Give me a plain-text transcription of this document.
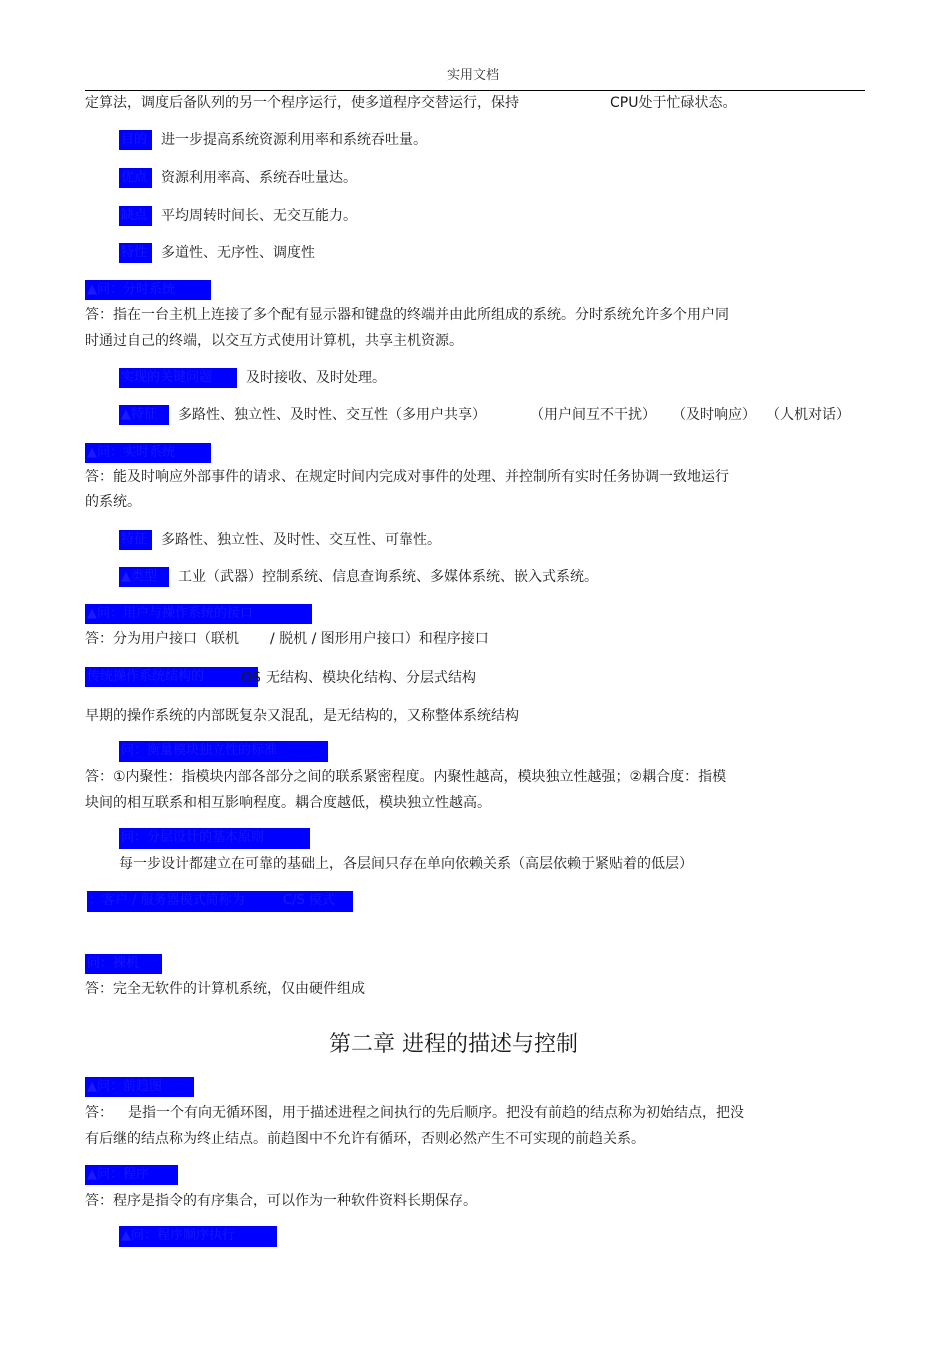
实用文档
定算法，调度后备队列的另一个程序运行，使多道程序交替运行，保持	CPU处于忙碌状态。
目的 进一步提高系统资源利用率和系统吞吐量。
优点 资源利用率高、系统吞吐量达。
缺点 平均周转时间长、无交互能力。
特性 多道性、无序性、调度性
▲问：分时系统
答：指在一台主机上连接了多个配有显示器和键盘的终端并由此所组成的系统。分时系统允许多个用户同
时通过自己的终端，以交互方式使用计算机，共享主机资源。
实现的关键问题	及时接收、及时处理。
▲特征	多路性、独立性、及时性、交互性（多用户共享）	（用户间互不干扰） （及时响应） （人机对话）
▲问：实时系统
答：能及时响应外部事件的请求、在规定时间内完成对事件的处理、并控制所有实时任务协调一致地运行
的系统。
特征 多路性、独立性、及时性、交互性、可靠性。
▲类型	工业（武器）控制系统、信息查询系统、多媒体系统、嵌入式系统。
▲问：用户与操作系统的接口
答：分为用户接口（联机 / 脱机 / 图形用户接口）和程序接口
传统操作系统结构的	OS 无结构、模块化结构、分层式结构
早期的操作系统的内部既复杂又混乱，是无结构的，又称整体系统结构
问：衡量模块独立性的标准
答：①内聚性：指模块内部各部分之间的联系紧密程度。内聚性越高，模块独立性越强；②耦合度：指模
块间的相互联系和相互影响程度。耦合度越低，模块独立性越高。
问：分层设计的基本原则
每一步设计都建立在可靠的基础上，各层间只存在单向依赖关系（高层依赖于紧贴着的低层）
：客户 / 服务器模式简称为	C/S 模式
问：裸机
答：完全无软件的计算机系统，仅由硬件组成
第二章 进程的描述与控制
▲问：前趋图
答： 是指一个有向无循环图，用于描述进程之间执行的先后顺序。把没有前趋的结点称为初始结点，把没
有后继的结点称为终止结点。前趋图中不允许有循环，否则必然产生不可实现的前趋关系。
▲问：程序
答：程序是指令的有序集合，可以作为一种软件资料长期保存。
▲问：程序顺序执行
